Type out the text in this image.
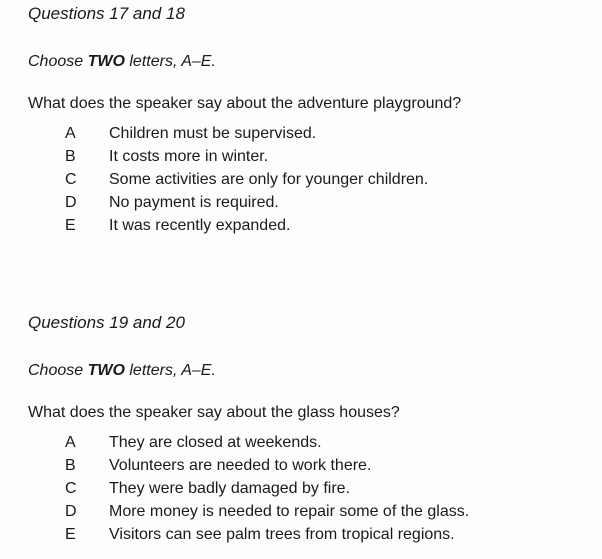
Questions 17 and 18

Choose TWO letters, A–E.

What does the speaker say about the adventure playground?

A	Children must be supervised.
B	It costs more in winter.
C	Some activities are only for younger children.
D	No payment is required.
E	It was recently expanded.

Questions 19 and 20

Choose TWO letters, A–E.

What does the speaker say about the glass houses?

A	They are closed at weekends.
B	Volunteers are needed to work there.
C	They were badly damaged by fire.
D	More money is needed to repair some of the glass.
E	Visitors can see palm trees from tropical regions.
